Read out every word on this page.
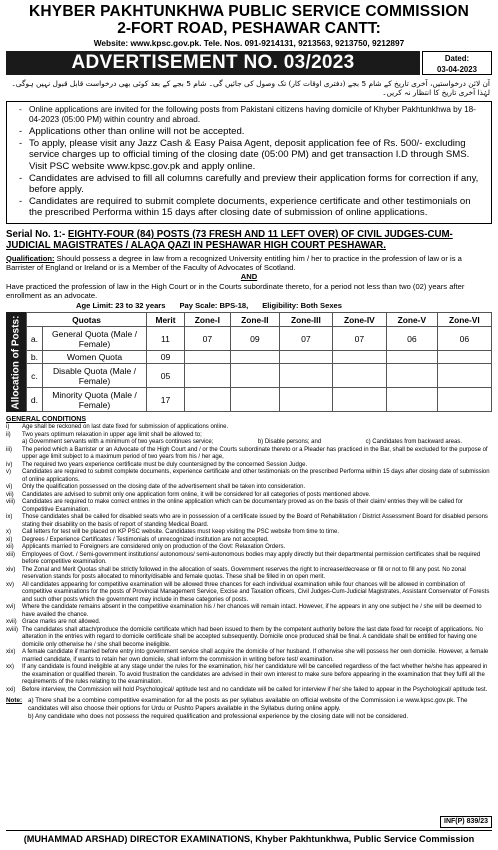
KHYBER PAKHTUNKHWA PUBLIC SERVICE COMMISSION
2-FORT ROAD, PESHAWAR CANTT:
Website: www.kpsc.gov.pk. Tele. Nos. 091-9214131, 9213563, 9213750, 9212897
ADVERTISEMENT NO. 03/2023	Dated:
03-04-2023
آن لائن درخواستیں، آخری تاریخ کے شام 5 بجے (دفتری اوقات کار) تک وصول کی جائیں گی۔ شام 5 بجے کے بعد کوئی بھی درخواست قابل قبول نہیں ہوگی۔ لہٰذا آخری تاریخ کا انتظار نہ کریں۔
- Online applications are invited for the following posts from Pakistani citizens having domicile of Khyber Pakhtunkhwa by 18-04-2023 (05:00 PM) within country and abroad.
- Applications other than online will not be accepted.
- To apply, please visit any Jazz Cash & Easy Paisa Agent, deposit application fee of Rs. 500/- excluding service charges up to official timing of the closing date (05:00 PM) and get transaction I.D through SMS. Visit PSC website www.kpsc.gov.pk and apply online.
- Candidates are advised to fill all columns carefully and preview their application forms for correction if any, before apply.
- Candidates are required to submit complete documents, experience certificate and other testimonials on the prescribed Performa within 15 days after closing date of submission of online applications.
Serial No. 1:- EIGHTY-FOUR (84) POSTS (73 FRESH AND 11 LEFT OVER) OF CIVIL JUDGES-CUM-JUDICIAL MAGISTRATES / ALAQA QAZI IN PESHAWAR HIGH COURT PESHAWAR.
Qualification: Should possess a degree in law from a recognized University entitling him / her to practice in the profession of law or is a Barrister of England or Ireland or is a Member of the Faculty of Advocates of Scotland.
AND
Have practiced the profession of law in the High Court or in the Courts subordinate thereto, for a period not less than two (02) years after enrollment as an advocate.
Age Limit: 23 to 32 years Pay Scale: BPS-18, Eligibility: Both Sexes
Allocation of Posts:	Quotas		Merit	Zone-I	Zone-II	Zone-III	Zone-IV	Zone-V	Zone-VI
a.	General Quota (Male / Female)	11	07	09	07	07	06	06
b.	Women Quota	09						
c.	Disable Quota (Male / Female)	05						
d.	Minority Quota (Male / Female)	17						
GENERAL CONDITIONS
i)	Age shall be reckoned on last date fixed for submission of applications online.
ii)	Two years optimum relaxation in upper age limit shall be allowed to;
a) Government servants with a minimum of two years continues service;	b) Disable persons; and	c) Candidates from backward areas.
iii)	The period which a Barrister or an Advocate of the High Court and / or the Courts subordinate thereto or a Pleader has practiced in the Bar, shall be excluded for the purpose of upper age limit subject to a maximum period of two years from his / her age,
iv)	The required two years experience certificate must be duly countersigned by the concerned Session Judge.
v)	Candidates are required to submit complete documents, experience certificate and other testimonials on the prescribed Performa within 15 days after closing date of submission of online applications.
vi)	Only the qualification possessed on the closing date of the advertisement shall be taken into consideration.
vii)	Candidates are advised to submit only one application form online, it will be considered for all categories of posts mentioned above.
viii)	Candidates are required to make correct entries in the online application which can be documentary proved as on the basis of their claim/ entries they will be called for Competitive Examination.
ix)	Those candidates shall be called for disabled seats who are in possession of a certificate issued by the Board of Rehabilitation / District Assessment Board for disabled persons stating their disability on the basis of report of standing Medical Board.
x)	Call letters for test will be placed on KP PSC website. Candidates must keep visiting the PSC website from time to time.
xi)	Degrees / Experience Certificates / Testimonials of unrecognized institution are not accepted.
xii)	Applicants married to Foreigners are considered only on production of the Govt: Relaxation Orders.
xiii)	Employees of Govt. / Semi-government institutions/ autonomous/ semi-autonomous bodies may apply directly but their departmental permission certificates shall be required before competitive examination.
xiv)	The Zonal and Merit Quotas shall be strictly followed in the allocation of seats. Government reserves the right to increase/decrease or fill or not to fill any post. No zonal reservation stands for posts allocated to minority/disable and female quotas. These shall be filled in on open merit.
xv)	All candidates appearing for competitive examination will be allowed three chances for each individual examination while four chances will be allowed in combination of competitive examinations for the posts of Provincial Management Service, Excise and Taxation officers, Civil Judges-Cum-Judicial Magistrates, Assistant Conservator of Forests and such other posts which the government may include in these categories of posts.
xvi)	Where the candidate remains absent in the competitive examination his / her chances will remain intact. However, if he appears in any one subject he / she will be deemed to have availed the chance.
xvii) Grace marks are not allowed.
xviii) The candidates shall attach/produce the domicile certificate which had been issued to them by the competent authority before the last date fixed for receipt of applications. No alteration in the entries with regard to domicile certificate shall be accepted subsequently. Domicile once produced shall be final. A candidate shall be entitled for having one domicile only otherwise he / she shall become ineligible.
xix)	A female candidate if married before entry into government service shall acquire the domicile of her husband. If otherwise she will possess her own domicile. However, a female married candidate, if wants to retain her own domicile, shall inform the commission in writing before test/ examination.
xx)	If any candidate is found ineligible at any stage under the rules for the examination, his/ her candidature will be cancelled regardless of the fact whether he/she has appeared in the examination or qualified therein. To avoid frustration the candidates are advised in their own interest to make sure before appearing in the examination that they fulfil all the requirements of the rules relating to the examination.
xxi)	Before interview, the Commission will hold Psychological/ aptitude test and no candidate will be called for interview if he/ she failed to appear in the Psychological/ aptitude test.
Note: a) There shall be a combine competitive examination for all the posts as per syllabus available on official website of the Commission i.e www.kpsc.gov.pk. The candidates will also choose their options for Urdu or Pushto Papers available in the Syllabus during online apply.
b) Any candidate who does not possess the required qualification and professional experience by the closing date will not be considered.
INF(P) 839/23
(MUHAMMAD ARSHAD) DIRECTOR EXAMINATIONS, Khyber Pakhtunkhwa, Public Service Commission
